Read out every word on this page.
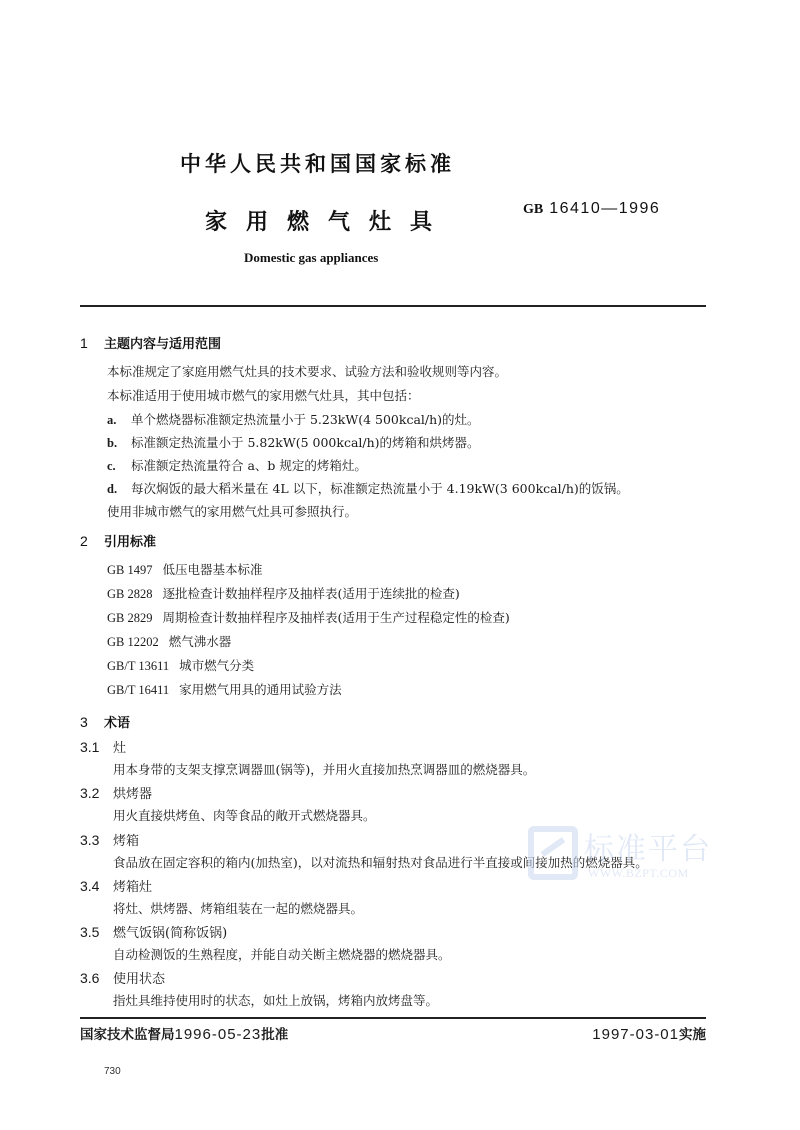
中华人民共和国国家标准
家用燃气灶具
GB 16410—1996
Domestic gas appliances
1 主题内容与适用范围
本标准规定了家庭用燃气灶具的技术要求、试验方法和验收规则等内容。
本标准适用于使用城市燃气的家用燃气灶具，其中包括：
a. 单个燃烧器标准额定热流量小于 5.23kW(4 500kcal/h)的灶。
b. 标准额定热流量小于 5.82kW(5 000kcal/h)的烤箱和烘烤器。
c. 标准额定热流量符合 a、b 规定的烤箱灶。
d. 每次焖饭的最大稻米量在 4L 以下，标准额定热流量小于 4.19kW(3 600kcal/h)的饭锅。
使用非城市燃气的家用燃气灶具可参照执行。
2 引用标准
GB 1497 低压电器基本标准
GB 2828 逐批检查计数抽样程序及抽样表(适用于连续批的检查)
GB 2829 周期检查计数抽样程序及抽样表(适用于生产过程稳定性的检查)
GB 12202 燃气沸水器
GB/T 13611 城市燃气分类
GB/T 16411 家用燃气用具的通用试验方法
3 术语
3.1 灶
用本身带的支架支撑烹调器皿(锅等)，并用火直接加热烹调器皿的燃烧器具。
3.2 烘烤器
用火直接烘烤鱼、肉等食品的敞开式燃烧器具。
3.3 烤箱
食品放在固定容积的箱内(加热室)，以对流热和辐射热对食品进行半直接或间接加热的燃烧器具。
3.4 烤箱灶
将灶、烘烤器、烤箱组装在一起的燃烧器具。
3.5 燃气饭锅(简称饭锅)
自动检测饭的生熟程度，并能自动关断主燃烧器的燃烧器具。
3.6 使用状态
指灶具维持使用时的状态，如灶上放锅，烤箱内放烤盘等。
国家技术监督局1996-05-23批准	1997-03-01实施
730
标准平台
WWW.BZPT.COM
